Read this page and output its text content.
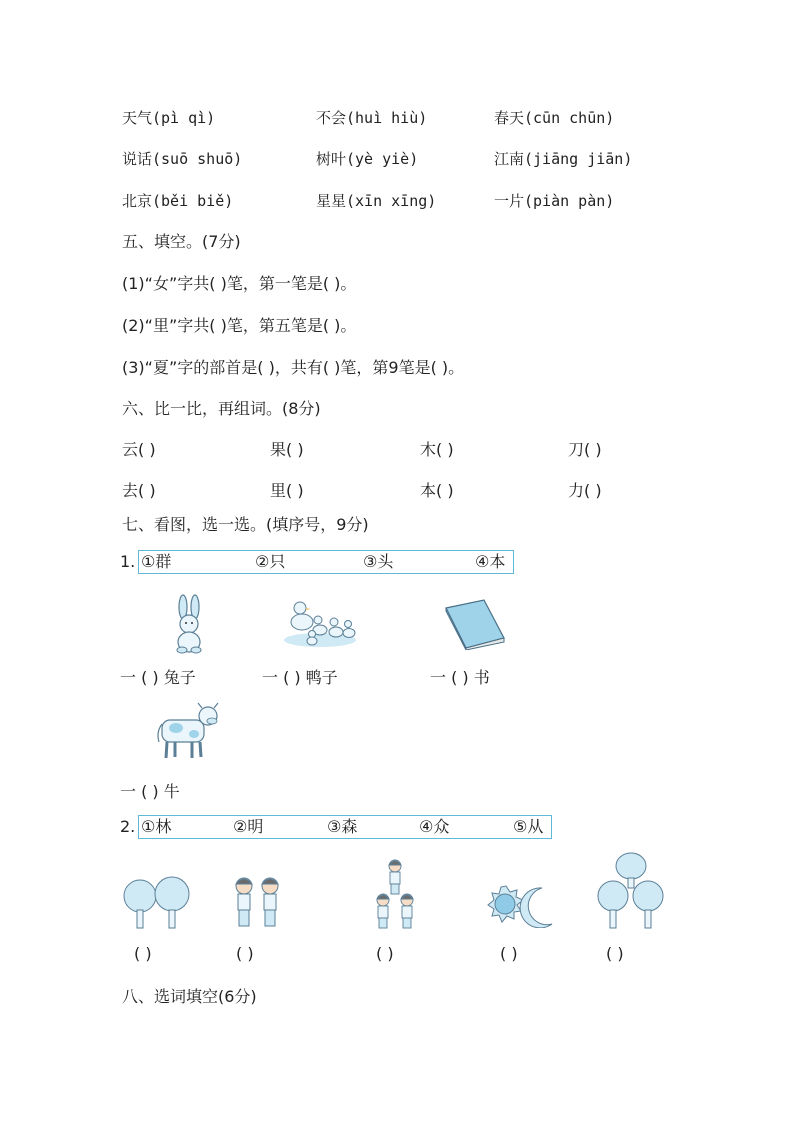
天气(pì qì)	不会(huì hiù)	春天(cūn chūn)
说话(suō shuō)	树叶(yè yiè)	江南(jiāng jiān)
北京(běi biě)	星星(xīn xīng)	一片(piàn pàn)
五、填空。(7分)
(1)“女”字共( )笔，第一笔是( )。
(2)“里”字共( )笔，第五笔是( )。
(3)“夏”字的部首是( )，共有( )笔，第9笔是( )。
六、比一比，再组词。(8分)
云( )	果( )	木( )	刀( )
去( )	里( )	本( )	力( )
七、看图，选一选。(填序号，9分)
1. ①群	②只	③头	④本
一 ( ) 兔子	一 ( ) 鸭子	一 ( ) 书
一 ( ) 牛
2. ①林	②明	③森	④众	⑤从
( )	( )	( )	( )	( )
八、选词填空(6分)
